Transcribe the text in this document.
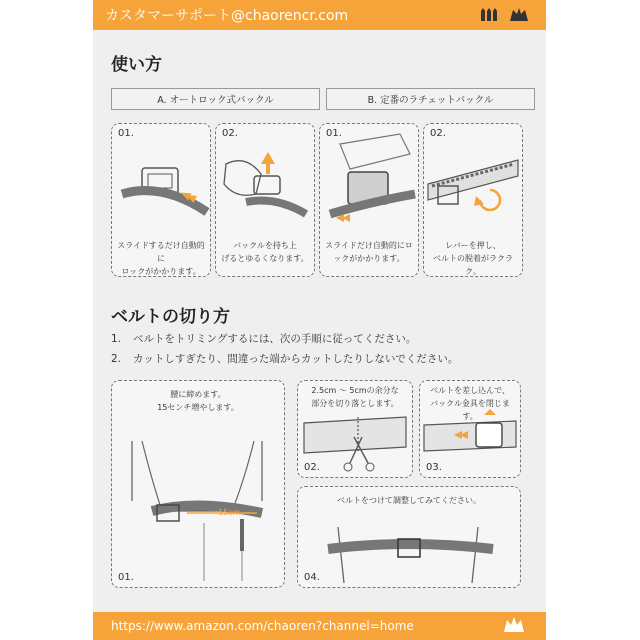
カスタマーサポート@chaorencr.com
使い方
A. オートロック式バックル	B. 定番のラチェットバックル
01.
スライドするだけ自動的に
ロックがかかります。
02.
バックルを持ち上
げるとゆるくなります。
01.
スライドだけ自動的にロ
ックがかかります。
02.
レバーを押し、
ベルトの脱着がラクラク。
ベルトの切り方
1. ベルトをトリミングするには、次の手順に従ってください。
2. カットしすぎたり、間違った端からカットしたりしないでください。
腰に締めます。
15センチ増やします。
15cm
01.
2.5cm ～ 5cmの余分な
部分を切り落とします。
02.
ベルトを差し込んで、
バックル金具を閉じます。
03.
ベルトをつけて調整してみてください。
04.
https://www.amazon.com/chaoren?channel=home
